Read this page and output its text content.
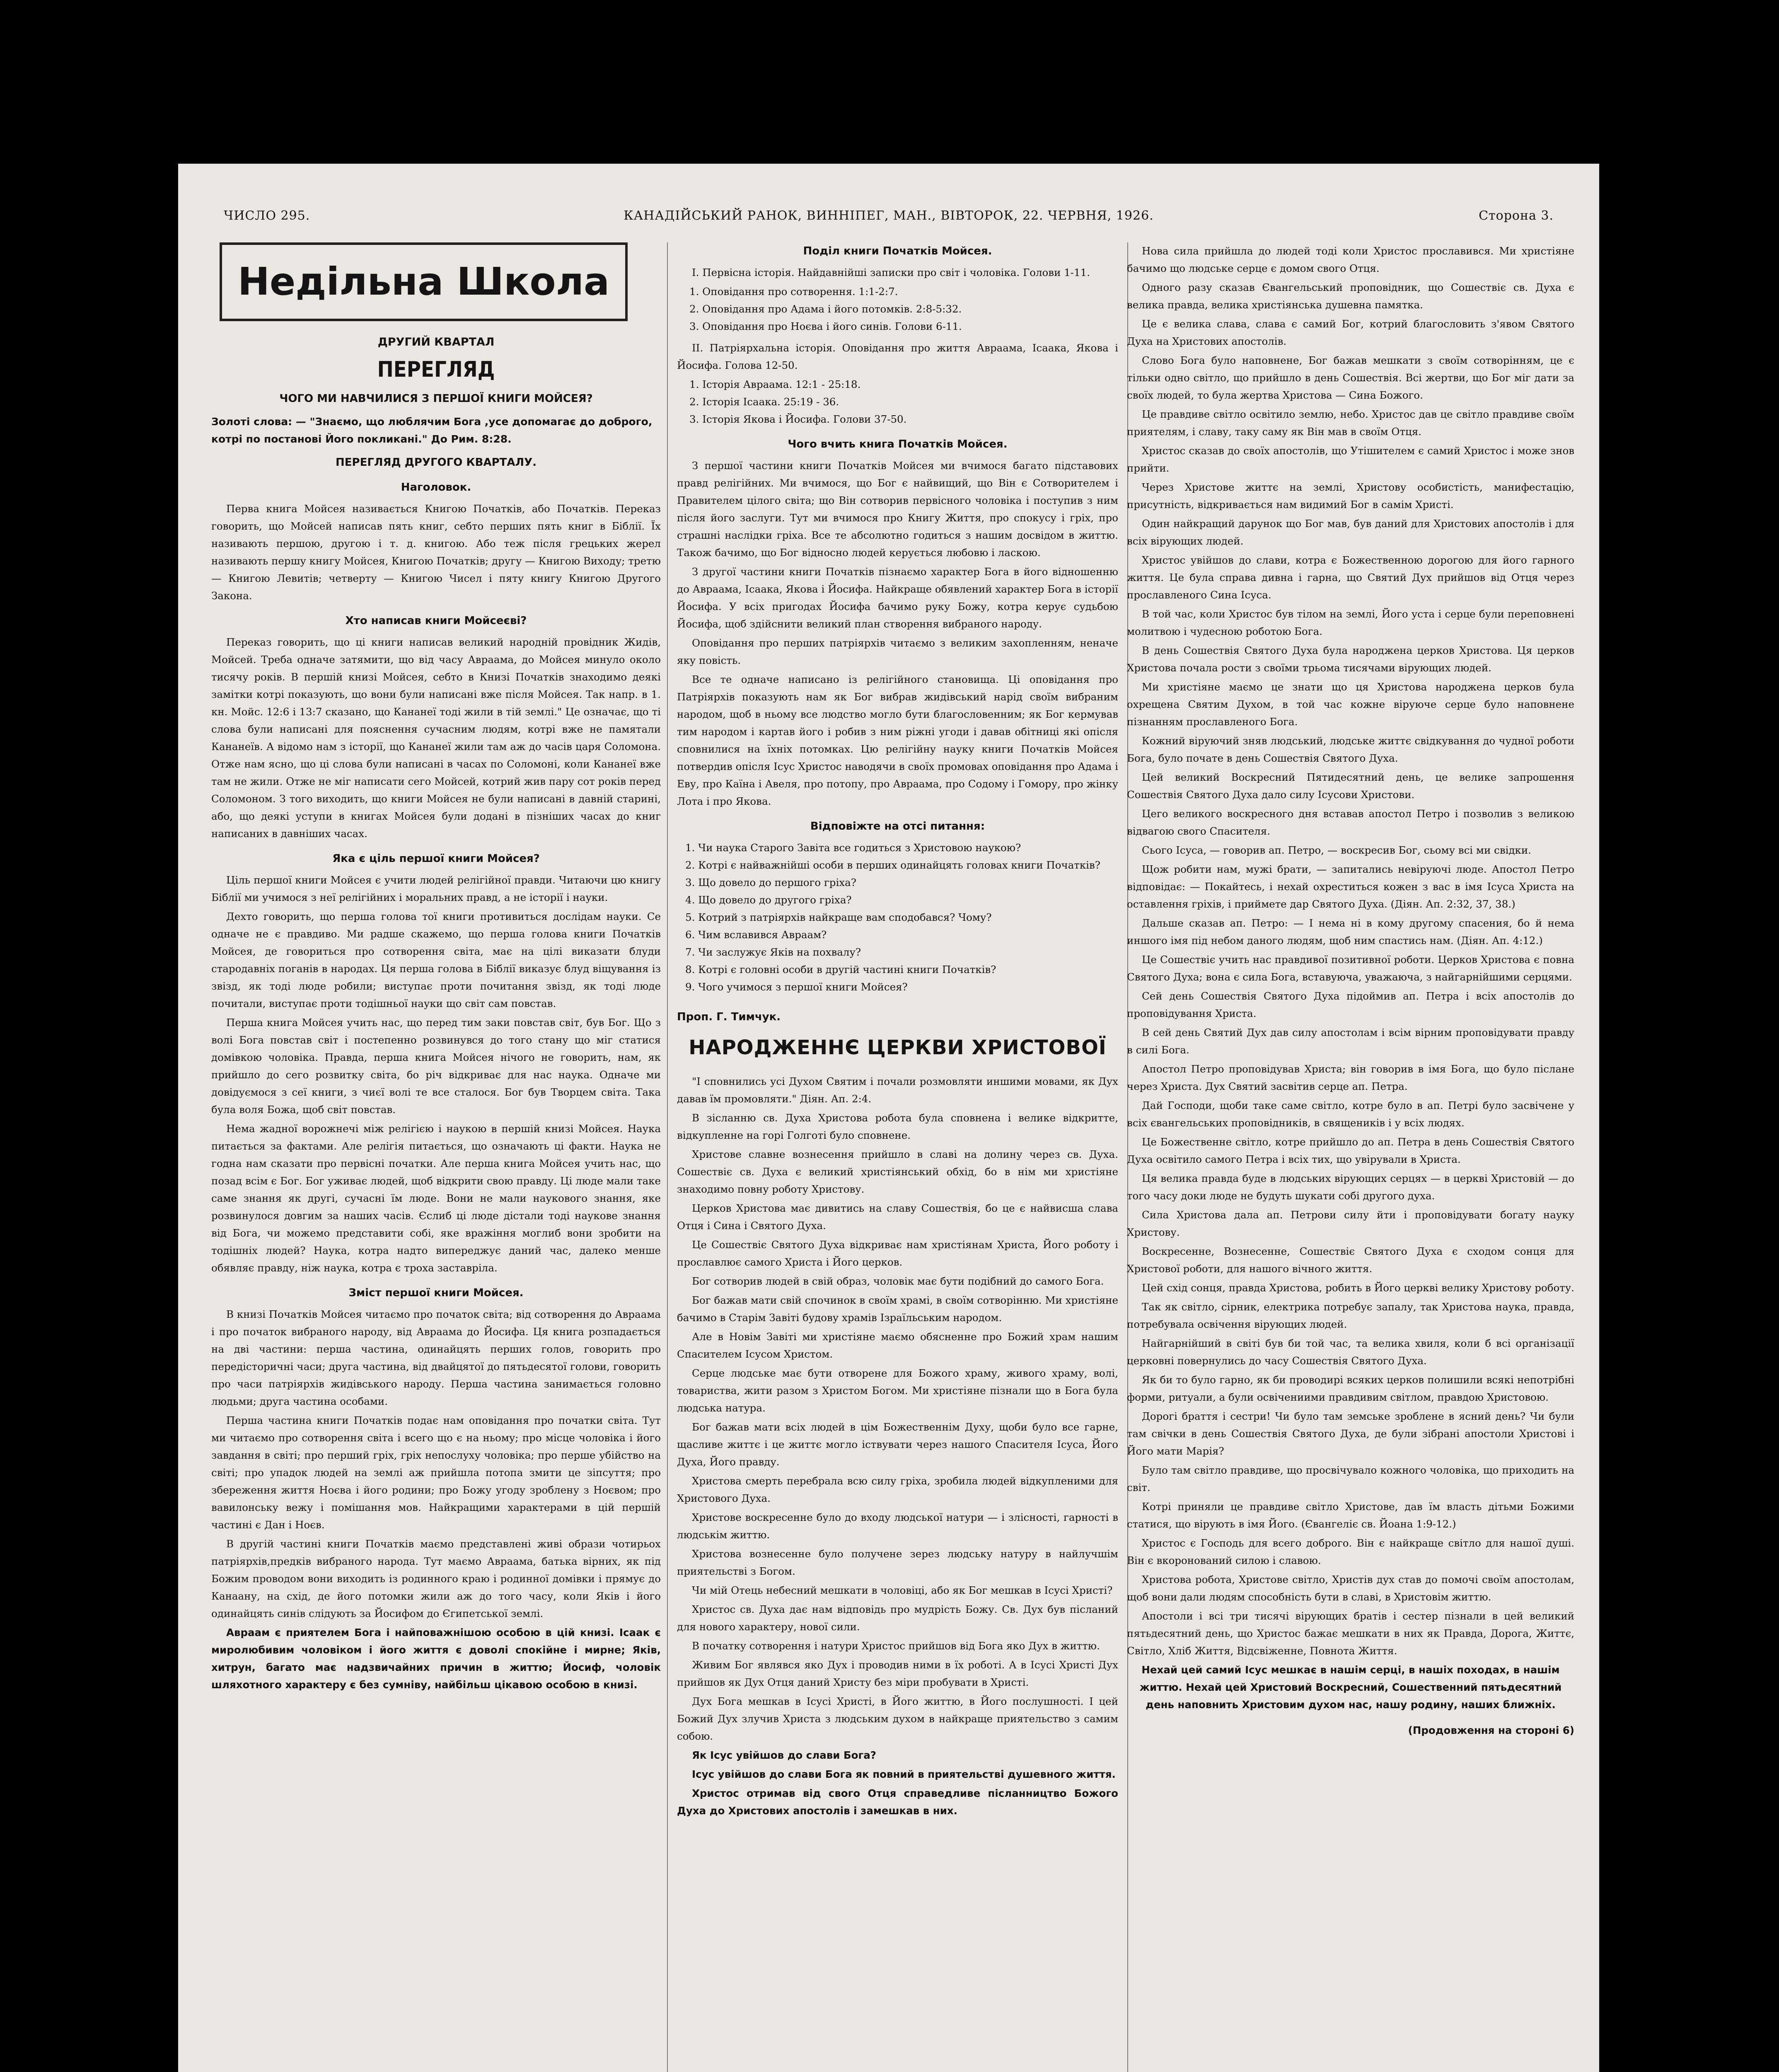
ЧИСЛО 295.	КАНАДІЙСЬКИЙ РАНОК, ВИННІПЕГ, МАН., ВІВТОРОК, 22. ЧЕРВНЯ, 1926.	Сторона 3.
Недільна Школа
ДРУГИЙ КВАРТАЛ
ПЕРЕГЛЯД
ЧОГО МИ НАВЧИЛИСЯ З ПЕРШОЇ КНИГИ МОЙСЕЯ?

Золоті слова: — "Знаємо, що люблячим Бога ,усе допомагає до доброго, котрі по постанові Його покликані." До Рим. 8:28.

ПЕРЕГЛЯД ДРУГОГО КВАРТАЛУ.
Наголовок.

Перва книга Мойсея називається Книгою Початків, або Початків. Переказ говорить, що Мойсей написав пять книг, себто перших пять книг в Біблії. Їх називають першою, другою і т. д. книгою. Або теж після грецьких жерел називають першу книгу Мойсея, Книгою Початків; другу — Книгою Виходу; третю — Книгою Левитів; четверту — Книгою Чисел і пяту книгу Книгою Другого Закона.

Хто написав книги Мойсеєві?

Переказ говорить, що ці книги написав великий народній провідник Жидів, Мойсей. Треба одначе затямити, що від часу Авраама, до Мойсея минуло около тисячу років. В першій книзі Мойсея, себто в Книзі Початків знаходимо деякі замітки котрі показують, що вони були написані вже після Мойсея. Так напр. в 1. кн. Мойс. 12:6 і 13:7 сказано, що Кананеї тоді жили в тій землі." Це означає, що ті слова були написані для пояснення сучасним людям, котрі вже не памятали Кананеїв. А відомо нам з історії, що Кананеї жили там аж до часів царя Соломона. Отже нам ясно, що ці слова були написані в часах по Соломоні, коли Кананеї вже там не жили. Отже не міг написати сего Мойсей, котрий жив пару сот років перед Соломоном. З того виходить, що книги Мойсея не були написані в давній старині, або, що деякі уступи в книгах Мойсея були додані в пізніших часах до книг написаних в давніших часах.

Яка є ціль першої книги Мойсея?

Ціль першої книги Мойсея є учити людей релігійної правди. Читаючи цю книгу Біблії ми учимося з неї релігійних і моральних правд, а не історії і науки.

Дехто говорить, що перша голова тої книги противиться дослідам науки. Се одначе не є правдиво. Ми радше скажемо, що перша голова книги Початків Мойсея, де говориться про сотворення світа, має на цілі виказати блуди стародавніх поганів в народах. Ця перша голова в Біблії виказує блуд віщування із звізд, як тоді люде робили; виступає проти почитання звізд, як тоді люде почитали, виступає проти тодішньої науки що світ сам повстав.

Перша книга Мойсея учить нас, що перед тим заки повстав світ, був Бог. Що з волі Бога повстав світ і постепенно розвинувся до того стану що міг статися домівкою чоловіка. Правда, перша книга Мойсея нічого не говорить, нам, як прийшло до сего розвитку світа, бо річ відкриває для нас наука. Одначе ми довідуємося з сеї книги, з чиєї волі те все сталося. Бог був Творцем світа. Така була воля Божа, щоб світ повстав.

Нема жадної ворожнечі між релігією і наукою в першій книзі Мойсея. Наука питається за фактами. Але релігія питається, що означають ці факти. Наука не годна нам сказати про первісні початки. Але перша книга Мойсея учить нас, що позад всім є Бог. Бог уживає людей, щоб відкрити свою правду. Ці люде мали таке саме знання як другі, сучасні їм люде. Вони не мали наукового знання, яке розвинулося довгим за наших часів. Єслиб ці люде дістали тоді наукове знання від Бога, чи можемо представити собі, яке вражіння моглиб вони зробити на тодішніх людей? Наука, котра надто випереджує даний час, далеко менше обявляє правду, ніж наука, котра є троха заставріла.

Зміст першої книги Мойсея.

В книзі Початків Мойсея читаємо про початок світа; від сотворення до Авраама і про початок вибраного народу, від Авраама до Йосифа. Ця книга розпадається на дві частини: перша частина, одинайцять перших голов, говорить про передісторичні часи; друга частина, від двайцятої до пятьдесятої голови, говорить про часи патріярхів жидівського народу. Перша частина занимається головно людьми; друга частина особами.

Перша частина книги Початків подає нам оповідання про початки світа. Тут ми читаємо про сотворення світа і всего що є на ньому; про місце чоловіка і його завдання в світі; про перший гріх, гріх непослуху чоловіка; про перше убійство на світі; про упадок людей на землі аж прийшла потопа змити це зіпсуття; про збереження життя Ноєва і його родини; про Божу угоду зроблену з Ноєвом; про вавилонську вежу і помішання мов. Найкращими характерами в цій першій частині є Дан і Ноєв.

В другій частині книги Початків маємо представлені живі образи чотирьох патріярхів,предків вибраного народа. Тут маємо Авраама, батька вірних, як під Божим проводом вони виходить із родинного краю і родинної домівки і прямує до Канаану, на схід, де його потомки жили аж до того часу, коли Яків і його одинайцять синів слідують за Йосифом до Єгипетської землі.

Авраам є приятелем Бога і найповажнішою особою в цій книзі. Ісаак є миролюбивим чоловіком і його життя є доволі спокійне і мирне; Яків, хитрун, багато має надзвичайних причин в життю; Йосиф, чоловік шляхотного характеру є без сумніву, найбільш цікавою особою в книзі.

Поділ книги Початків Мойсея.

І. Первісна історія. Найдавнійші записки про світ і чоловіка. Голови 1-11.

1. Оповідання про сотворення. 1:1-2:7.
2. Оповідання про Адама і його потомків. 2:8-5:32.
3. Оповідання про Ноєва і його синів. Голови 6-11.

ІІ. Патріярхальна історія. Оповідання про життя Авраама, Ісаака, Якова і Йосифа. Голова 12-50.

1. Історія Авраама. 12:1 - 25:18.
2. Історія Ісаака. 25:19 - 36.
3. Історія Якова і Йосифа. Голови 37-50.
Чого вчить книга Початків Мойсея.

З першої частини книги Початків Мойсея ми вчимося багато підставових правд релігійних. Ми вчимося, що Бог є найвищий, що Він є Сотворителем і Правителем цілого світа; що Він сотворив первісного чоловіка і поступив з ним після його заслуги. Тут ми вчимося про Книгу Життя, про спокусу і гріх, про страшні наслідки гріха. Все те абсолютно годиться з нашим досвідом в життю. Також бачимо, що Бог відносно людей керується любовю і ласкою.

З другої частини книги Початків пізнаємо характер Бога в його відношенню до Авраама, Ісаака, Якова і Йосифа. Найкраще обявлений характер Бога в історії Йосифа. У всіх пригодах Йосифа бачимо руку Божу, котра керує судьбою Йосифа, щоб здійснити великий план створення вибраного народу.

Оповідання про перших патріярхів читаємо з великим захопленням, неначе яку повість.

Все те одначе написано із релігійного становища. Ці оповідання про Патріярхів показують нам як Бог вибрав жидівський нарід своїм вибраним народом, щоб в ньому все людство могло бути благословенним; як Бог кермував тим народом і картав його і робив з ним ріжні угоди і давав обітниці які опісля сповнилися на їхніх потомках. Цю релігійну науку книги Початків Мойсея потвердив опісля Ісус Христос наводячи в своїх промовах оповідання про Адама і Еву, про Каїна і Авеля, про потопу, про Авраама, про Содому і Гомору, про жінку Лота і про Якова.

Відповіжте на отсі питання:
1. Чи наука Старого Завіта все годиться з Христовою наукою?
2. Котрі є найважнійші особи в перших одинайцять головах книги Початків?
3. Що довело до першого гріха?
4. Що довело до другого гріха?
5. Котрий з патріярхів найкраще вам сподобався? Чому?
6. Чим вславився Авраам?
7. Чи заслужує Яків на похвалу?
8. Котрі є головні особи в другій частині книги Початків?
9. Чого учимося з першої книги Мойсея?
Проп. Г. Тимчук.
НАРОДЖЕННЄ ЦЕРКВИ ХРИСТОВОЇ

"І сповнились усі Духом Святим і почали розмовляти иншими мовами, як Дух давав їм промовляти." Діян. Ап. 2:4.

В зісланню св. Духа Христова робота була сповнена і велике відкритте, відкупленне на горі Голготі було сповнене.

Христове славне вознесення прийшло в славі на долину через св. Духа. Сошествіє св. Духа є великий христіянський обхід, бо в нім ми христіяне знаходимо повну роботу Христову.

Церков Христова має дивитись на славу Сошествія, бо це є найвисша слава Отця і Сина і Святого Духа.

Це Сошествіє Святого Духа відкриває нам христіянам Христа, Його роботу і прославлює самого Христа і Його церков.

Бог сотворив людей в свій образ, чоловік має бути подібний до самого Бога.

Бог бажав мати свій спочинок в своїм храмі, в своїм сотворінню. Ми христіяне бачимо в Старім Завіті будову храмів Ізраїльським народом.

Але в Новім Завіті ми христіяне маємо обясненне про Божий храм нашим Спасителем Ісусом Христом.

Серце людське має бути отворене для Божого храму, живого храму, волі, товариства, жити разом з Христом Богом. Ми христіяне пізнали що в Бога була людська натура.

Бог бажав мати всіх людей в цім Божественнім Духу, щоби було все гарне, щасливе життє і це життє могло іствувати через нашого Спасителя Ісуса, Його Духа, Його правду.

Христова смерть перебрала всю силу гріха, зробила людей відкупленими для Христового Духа.

Христове воскресенне було до входу людської натури — і злісності, гарності в людськім життю.

Христова вознесенне було получене зерез людську натуру в найлучшім приятельстві з Богом.

Чи мій Отець небесний мешкати в чоловіці, або як Бог мешкав в Ісусі Христі?

Христос св. Духа дає нам відповідь про мудрість Божу. Св. Дух був післаний для нового характеру, нової сили.

В початку сотворення і натури Христос прийшов від Бога яко Дух в життю.

Живим Бог являвся яко Дух і проводив ними в їх роботі. А в Ісусі Христі Дух прийшов як Дух Отця даний Христу без міри пробувати в Христі.

Дух Бога мешкав в Ісусі Христі, в Його життю, в Його послушності. І цей Божий Дух злучив Христа з людським духом в найкраще приятельство з самим собою.

Як Ісус увійшов до слави Бога?

Ісус увійшов до слави Бога як повний в приятельстві душевного життя.

Христос отримав від свого Отця справедливе післанництво Божого Духа до Христових апостолів і замешкав в них.

Нова сила прийшла до людей тоді коли Христос прославився. Ми христіяне бачимо що людське серце є домом свого Отця.

Одного разу сказав Євангельський проповідник, що Сошествіє св. Духа є велика правда, велика христіянська душевна памятка.

Це є велика слава, слава є самий Бог, котрий благословить з'явом Святого Духа на Христових апостолів.

Слово Бога було наповнене, Бог бажав мешкати з своїм сотворінням, це є тільки одно світло, що прийшло в день Сошествія. Всі жертви, що Бог міг дати за своїх людей, то була жертва Христова — Сина Божого.

Це правдиве світло освітило землю, небо. Христос дав це світло правдиве своїм приятелям, і славу, таку саму як Він мав в своїм Отця.

Христос сказав до своїх апостолів, що Утішителем є самий Христос і може знов прийти.

Через Христове життє на землі, Христову особистість, манифестацію, присутність, відкривається нам видимий Бог в самім Христі.

Один найкращий дарунок що Бог мав, був даний для Христових апостолів і для всіх вірующих людей.

Христос увійшов до слави, котра є Божественною дорогою для його гарного життя. Це була справа дивна і гарна, що Святий Дух прийшов від Отця через прославленого Сина Ісуса.

В той час, коли Христос був тілом на землі, Його уста і серце були переповнені молитвою і чудесною роботою Бога.

В день Сошествія Святого Духа була народжена церков Христова. Ця церков Христова почала рости з своїми трьома тисячами вірующих людей.

Ми христіяне маємо це знати що ця Христова народжена церков була охрещена Святим Духом, в той час кожне віруюче серце було наповнене пізнанням прославленого Бога.

Кожний віруючий зняв людський, людське життє свідкування до чудної роботи Бога, було почате в день Сошествія Святого Духа.

Цей великий Воскресний Пятидесятний день, це велике запрошення Сошествія Святого Духа дало силу Ісусови Христови.

Цего великого воскресного дня вставав апостол Петро і позволив з великою відвагою свого Спасителя.

Сього Ісуса, — говорив ап. Петро, — воскресив Бог, сьому всі ми свідки.

Щож робити нам, мужі брати, — запитались невіруючі люде. Апостол Петро відповідає: — Покайтесь, і нехай охреститься кожен з вас в імя Ісуса Христа на оставлення гріхів, і приймете дар Святого Духа. (Діян. Ап. 2:32, 37, 38.)

Дальше сказав ап. Петро: — І нема ні в кому другому спасения, бо й нема иншого імя під небом даного людям, щоб ним спастись нам. (Діян. Ап. 4:12.)

Це Сошествіє учить нас правдивої позитивної роботи. Церков Христова є повна Святого Духа; вона є сила Бога, вставуюча, уважаюча, з найгарнійшими серцями.

Сей день Сошествія Святого Духа підоймив ап. Петра і всіх апостолів до проповідування Христа.

В сей день Святий Дух дав силу апостолам і всім вірним проповідувати правду в силі Бога.

Апостол Петро проповідував Христа; він говорив в імя Бога, що було післане через Христа. Дух Святий засвітив серце ап. Петра.

Дай Господи, щоби таке саме світло, котре було в ап. Петрі було засвічене у всіх євангельських проповідників, в священиків і у всіх людях.

Це Божественне світло, котре прийшло до ап. Петра в день Сошествія Святого Духа освітило самого Петра і всіх тих, що увірували в Христа.

Ця велика правда буде в людських вірующих серцях — в церкві Христовій — до того часу доки люде не будуть шукати собі другого духа.

Сила Христова дала ап. Петрови силу йти і проповідувати богату науку Христову.

Воскресенне, Вознесенне, Сошествіє Святого Духа є сходом сонця для Христової роботи, для нашого вічного життя.

Цей схід сонця, правда Христова, робить в Його церкві велику Христову роботу.

Так як світло, сірник, електрика потребує запалу, так Христова наука, правда, потребувала освічення вірующих людей.

Найгарнійший в світі був би той час, та велика хвиля, коли б всі організації церковні повернулись до часу Сошествія Святого Духа.

Як би то було гарно, як би проводирі всяких церков полишили всякі непотрібні форми, ритуали, а були освічениими правдивим світлом, правдою Христовою.

Дорогі браття і сестри! Чи було там земське зроблене в ясний день? Чи були там свічки в день Сошествія Святого Духа, де були зібрані апостоли Христові і Його мати Марія?

Було там світло правдиве, що просвічувало кожного чоловіка, що приходить на світ.

Котрі приняли це правдиве світло Христове, дав їм власть дітьми Божими статися, що вірують в імя Його. (Євангеліє св. Йоана 1:9-12.)

Христос є Господь для всего доброго. Він є найкраще світло для нашої душі. Він є вкоронований силою і славою.

Христова робота, Христове світло, Христів дух став до помочі своїм апостолам, щоб вони дали людям способність бути в славі, в Христовім життю.

Апостоли і всі три тисячі вірующих братів і сестер пізнали в цей великий пятьдесятний день, що Христос бажає мешкати в них як Правда, Дорога, Життє, Світло, Хліб Життя, Відсвіженне, Повнота Життя.

Нехай цей самий Ісус мешкає в нашім серці, в нашіх походах, в нашім життю. Нехай цей Христовий Воскресний, Сошественний пятьдесятний день наповнить Христовим духом нас, нашу родину, наших ближніх.

(Продовження на стороні 6)
